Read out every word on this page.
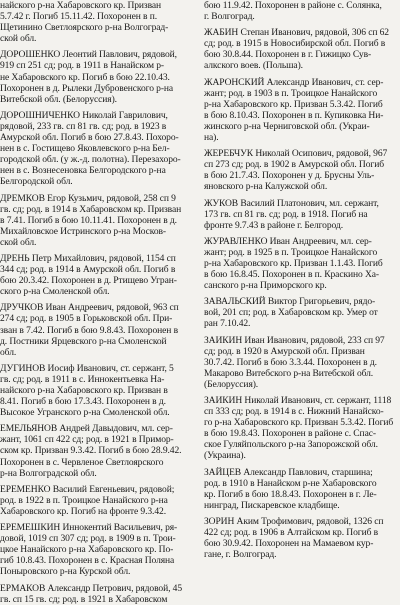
найского р-на Хабаровского кр. Призван
5.7.42 г. Погиб 15.11.42. Похоронен в п.
Щетинино Светлоярского р-на Волгоград-
ской обл.
ДОРОШЕНКО Леонтий Павлович, рядовой,
919 сп 251 сд; род. в 1911 в Нанайском р-
не Хабаровского кр. Погиб в бою 22.10.43.
Похоронен в д. Рылеки Дубровенского р-на
Витебской обл. (Белоруссия).
ДОРОШНИЧЕНКО Николай Гаврилович,
рядовой, 233 гв. сп 81 гв. сд; род. в 1923 в
Амурской обл. Погиб в бою 27.8.43. Похоро-
нен в с. Гостищево Яковлевского р-на Бел-
городской обл. (у ж.-д. полотна). Перезахоро-
нен в с. Вознесеновка Белгородского р-на
Белгородской обл.
ДРЕМКОВ Егор Кузьмич, рядовой, 258 сп 9
гв. сд; род. в 1914 в Хабаровском кр. Призван
в 7.41. Погиб в бою 10.11.41. Похоронен в д.
Михайловское Истринского р-на Москов-
ской обл.
ДРЕНЬ Петр Михайлович, рядовой, 1154 сп
344 сд; род. в 1914 в Амурской обл. Погиб в
бою 20.3.42. Похоронен в д. Ртищево Угран-
ского р-на Смоленской обл.
ДРУЧКОВ Иван Андреевич, рядовой, 963 сп
274 сд; род. в 1905 в Горьковской обл. При-
зван в 7.42. Погиб в бою 9.8.43. Похоронен в
д. Постники Ярцевского р-на Смоленской
обл.
ДУГИНОВ Иосиф Иванович, ст. сержант, 5
гв. сд; род. в 1911 в с. Иннокентьевка На-
найского р-на Хабаровского кр. Призван в
8.41. Погиб в бою 17.3.43. Похоронен в д.
Высокое Угранского р-на Смоленской обл.
ЕМЕЛЬЯНОВ Андрей Давыдович, мл. сер-
жант, 1061 сп 422 сд; род. в 1921 в Примор-
ском кр. Призван 9.3.42. Погиб в бою 28.9.42.
Похоронен в с. Червленое Светлоярского
р-на Волгоградской обл.
ЕРЕМЕНКО Василий Евгеньевич, рядовой;
род. в 1922 в п. Троицкое Нанайского р-на
Хабаровского кр. Погиб на фронте 9.3.42.
ЕРЕМЕШКИН Иннокентий Васильевич, ря-
довой, 1019 сп 307 сд; род. в 1909 в п. Трои-
цкое Нанайского р-на Хабаровского кр. По-
гиб 10.8.43. Похоронен в с. Красная Поляна
Поныровского р-на Курской обл.
ЕРМАКОВ Александр Петрович, рядовой, 45
гв. сп 15 гв. сд; род. в 1921 в Хабаровском
бою 11.9.42. Похоронен в районе с. Солянка,
г. Волгоград.
ЖАБИН Степан Иванович, рядовой, 306 сп 62
сд; род. в 1915 в Новосибирской обл. Погиб в
бою 30.8.44. Похоронен в г. Гижицко Сув-
алкского воев. (Польша).
ЖАРОНСКИЙ Александр Иванович, ст. сер-
жант; род. в 1903 в п. Троицкое Нанайского
р-на Хабаровского кр. Призван 5.3.42. Погиб
в бою 8.10.43. Похоронен в п. Купиковка Ни-
жинского р-на Черниговской обл. (Украи-
на).
ЖЕРЕБЧУК Николай Осипович, рядовой, 967
сп 273 сд; род. в 1902 в Амурской обл. Погиб
в бою 21.7.43. Похоронен у д. Брусны Уль-
яновского р-на Калужской обл.
ЖУКОВ Василий Платонович, мл. сержант,
173 гв. сп 81 гв. сд; род. в 1918. Погиб на
фронте 9.7.43 в районе г. Белгород.
ЖУРАВЛЕНКО Иван Андреевич, мл. сер-
жант; род. в 1925 в п. Троицкое Нанайского
р-на Хабаровского кр. Призван 1.1.43. Погиб
в бою 16.8.45. Похоронен в п. Краскино Ха-
санского р-на Приморского кр.
ЗАВАЛЬСКИЙ Виктор Григорьевич, рядо-
вой, 201 сп; род. в Хабаровском кр. Умер от
ран 7.10.42.
ЗАИКИН Иван Иванович, рядовой, 233 сп 97
сд; род. в 1920 в Амурской обл. Призван
30.7.42. Погиб в бою 3.3.44. Похоронен в д.
Макарово Витебского р-на Витебской обл.
(Белоруссия).
ЗАИКИН Николай Иванович, ст. сержант, 1118
сп 333 сд; род. в 1914 в с. Нижний Нанайско-
го р-на Хабаровского кр. Призван 5.3.42. Погиб
в бою 19.8.43. Похоронен в районе с. Спас-
ское Гуляйпольского р-на Запорожской обл.
(Украина).
ЗАЙЦЕВ Александр Павлович, старшина;
род. в 1910 в Нанайском р-не Хабаровского
кр. Погиб в бою 18.8.43. Похоронен в г. Ле-
нинград, Пискаревское кладбище.
ЗОРИН Аким Трофимович, рядовой, 1326 сп
422 сд; род. в 1906 в Алтайском кр. Погиб в
бою 30.9.42. Похоронен на Мамаевом кур-
гане, г. Волгоград.
